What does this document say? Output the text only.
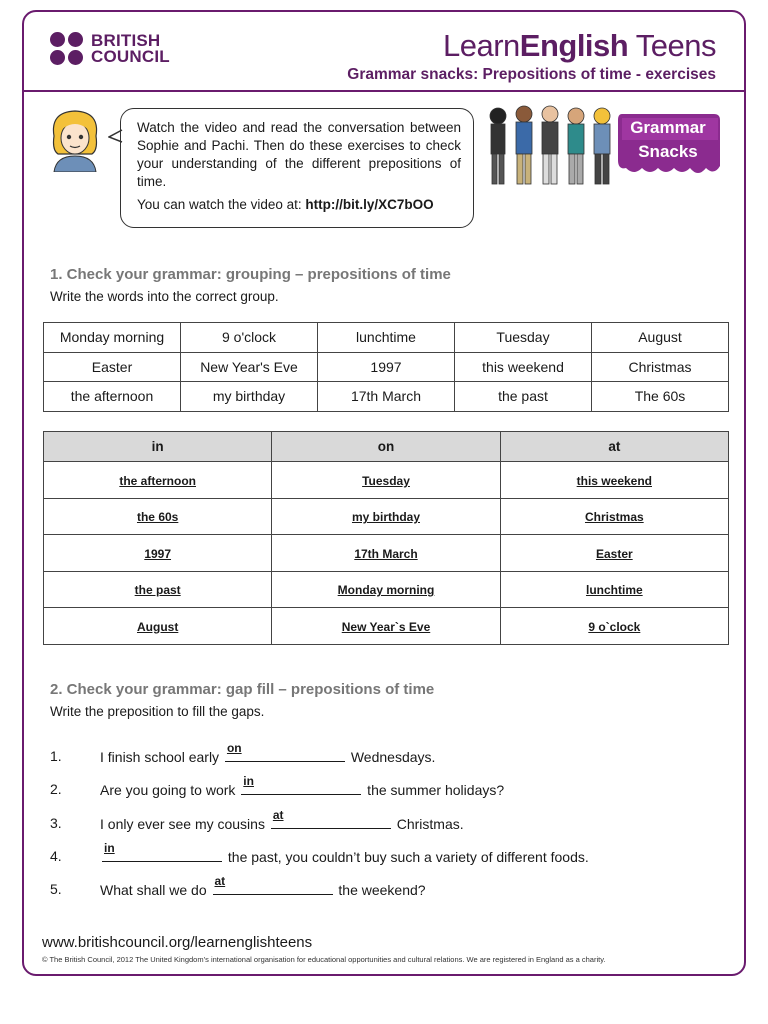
BRITISH
COUNCIL	LearnEnglish Teens
Grammar snacks: Prepositions of time - exercises
Watch the video and read the conversation between Sophie and Pachi. Then do these exercises to check your understanding of the different prepositions of time.
You can watch the video at: http://bit.ly/XC7bOO
Grammar
Snacks
1. Check your grammar: grouping – prepositions of time
Write the words into the correct group.
Monday morning	9 o'clock	lunchtime	Tuesday	August
Easter	New Year's Eve	1997	this weekend	Christmas
the afternoon	my birthday	17th March	the past	The 60s
in	on	at
the afternoon	Tuesday	this weekend
the 60s	my birthday	Christmas
1997	17th March	Easter
the past	Monday morning	lunchtime
August	New Year`s Eve	9 o`clock
2. Check your grammar: gap fill – prepositions of time
Write the preposition to fill the gaps.
1.	I finish school early
on
Wednesdays.
2.	Are you going to work
in
the summer holidays?
3.	I only ever see my cousins
at
Christmas.
4.	in
the past, you couldn’t buy such a variety of different foods.
5.	What shall we do
at
the weekend?
www.britishcouncil.org/learnenglishteens
© The British Council, 2012 The United Kingdom’s international organisation for educational opportunities and cultural relations. We are registered in England as a charity.
